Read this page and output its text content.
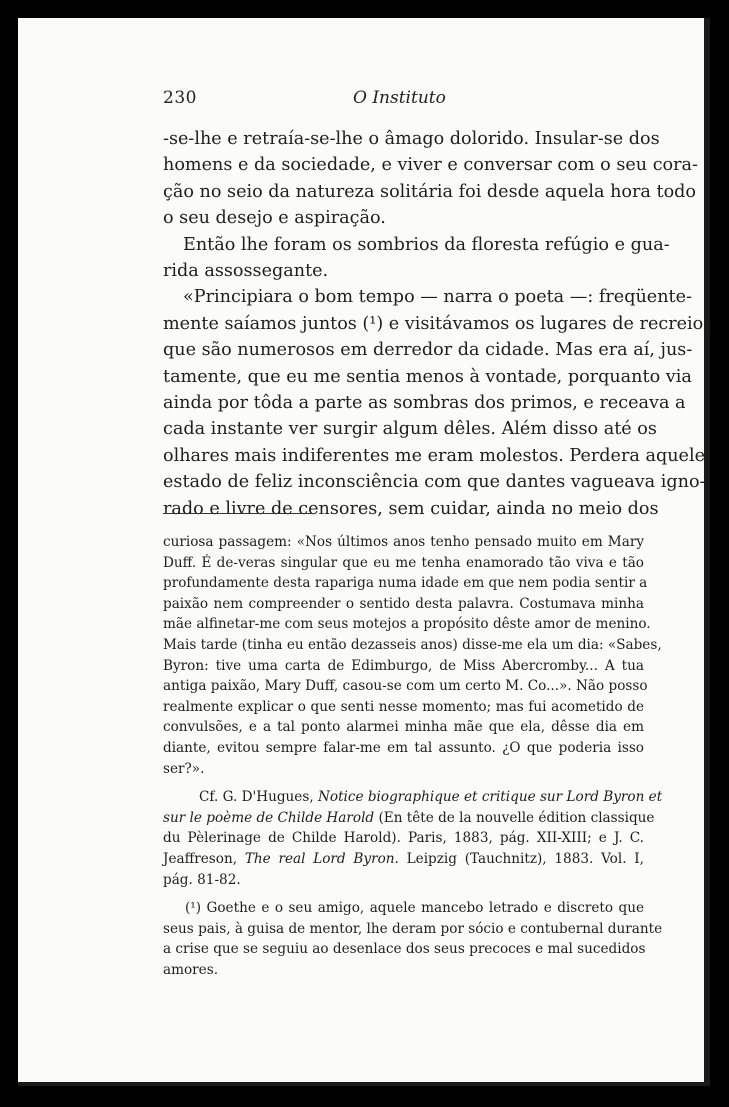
230	O Instituto
-se-lhe e retraía-se-lhe o âmago dolorido. Insular-se dos
homens e da sociedade, e viver e conversar com o seu cora-
ção no seio da natureza solitária foi desde aquela hora todo
o seu desejo e aspiração.
Então lhe foram os sombrios da floresta refúgio e gua-
rida assossegante.
«Principiara o bom tempo — narra o poeta —: freqüente-
mente saíamos juntos (¹) e visitávamos os lugares de recreio,
que são numerosos em derredor da cidade. Mas era aí, jus-
tamente, que eu me sentia menos à vontade, porquanto via
ainda por tôda a parte as sombras dos primos, e receava a
cada instante ver surgir algum dêles. Além disso até os
olhares mais indiferentes me eram molestos. Perdera aquele
estado de feliz inconsciência com que dantes vagueava igno-
rado e livre de censores, sem cuidar, ainda no meio dos
curiosa passagem: «Nos últimos anos tenho pensado muito em Mary
Duff. É de-veras singular que eu me tenha enamorado tão viva e tão
profundamente desta rapariga numa idade em que nem podia sentir a
paixão nem compreender o sentido desta palavra. Costumava minha
mãe alfinetar-me com seus motejos a propósito dêste amor de menino.
Mais tarde (tinha eu então dezasseis anos) disse-me ela um dia: «Sabes,
Byron: tive uma carta de Edimburgo, de Miss Abercromby... A tua
antiga paixão, Mary Duff, casou-se com um certo M. Co...». Não posso
realmente explicar o que senti nesse momento; mas fui acometido de
convulsões, e a tal ponto alarmei minha mãe que ela, dêsse dia em
diante, evitou sempre falar-me em tal assunto. ¿O que poderia isso
ser?».
Cf. G. D'Hugues, Notice biographique et critique sur Lord Byron et
sur le poème de Childe Harold (En tête de la nouvelle édition classique
du Pèlerinage de Childe Harold). Paris, 1883, pág. XII-XIII; e J. C.
Jeaffreson, The real Lord Byron. Leipzig (Tauchnitz), 1883. Vol. I,
pág. 81-82.
(¹) Goethe e o seu amigo, aquele mancebo letrado e discreto que
seus pais, à guisa de mentor, lhe deram por sócio e contubernal durante
a crise que se seguiu ao desenlace dos seus precoces e mal sucedidos
amores.
